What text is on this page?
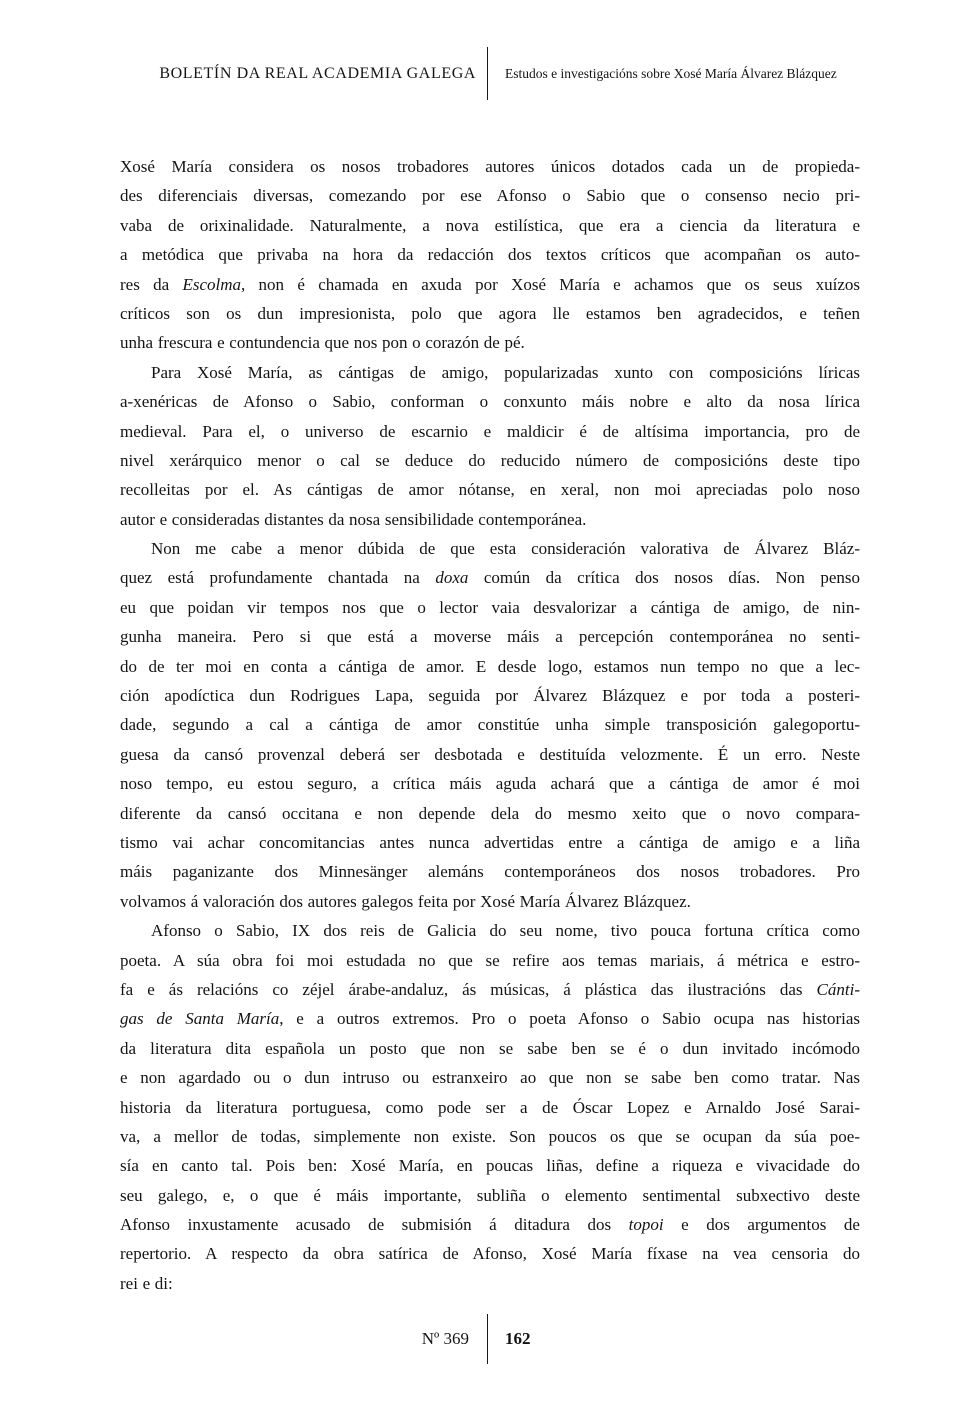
BOLETÍN DA REAL ACADEMIA GALEGA	Estudos e investigacións sobre Xosé María Álvarez Blázquez
Xosé María considera os nosos trobadores autores únicos dotados cada un de propieda-
des diferenciais diversas, comezando por ese Afonso o Sabio que o consenso necio pri-
vaba de orixinalidade. Naturalmente, a nova estilística, que era a ciencia da literatura e
a metódica que privaba na hora da redacción dos textos críticos que acompañan os auto-
res da Escolma, non é chamada en axuda por Xosé María e achamos que os seus xuízos
críticos son os dun impresionista, polo que agora lle estamos ben agradecidos, e teñen
unha frescura e contundencia que nos pon o corazón de pé.
Para Xosé María, as cántigas de amigo, popularizadas xunto con composicións líricas
a-xenéricas de Afonso o Sabio, conforman o conxunto máis nobre e alto da nosa lírica
medieval. Para el, o universo de escarnio e maldicir é de altísima importancia, pro de
nivel xerárquico menor o cal se deduce do reducido número de composicións deste tipo
recolleitas por el. As cántigas de amor nótanse, en xeral, non moi apreciadas polo noso
autor e consideradas distantes da nosa sensibilidade contemporánea.
Non me cabe a menor dúbida de que esta consideración valorativa de Álvarez Bláz-
quez está profundamente chantada na doxa común da crítica dos nosos días. Non penso
eu que poidan vir tempos nos que o lector vaia desvalorizar a cántiga de amigo, de nin-
gunha maneira. Pero si que está a moverse máis a percepción contemporánea no senti-
do de ter moi en conta a cántiga de amor. E desde logo, estamos nun tempo no que a lec-
ción apodíctica dun Rodrigues Lapa, seguida por Álvarez Blázquez e por toda a posteri-
dade, segundo a cal a cántiga de amor constitúe unha simple transposición galegoportu-
guesa da cansó provenzal deberá ser desbotada e destituída velozmente. É un erro. Neste
noso tempo, eu estou seguro, a crítica máis aguda achará que a cántiga de amor é moi
diferente da cansó occitana e non depende dela do mesmo xeito que o novo compara-
tismo vai achar concomitancias antes nunca advertidas entre a cántiga de amigo e a liña
máis paganizante dos Minnesänger alemáns contemporáneos dos nosos trobadores. Pro
volvamos á valoración dos autores galegos feita por Xosé María Álvarez Blázquez.
Afonso o Sabio, IX dos reis de Galicia do seu nome, tivo pouca fortuna crítica como
poeta. A súa obra foi moi estudada no que se refire aos temas mariais, á métrica e estro-
fa e ás relacións co zéjel árabe-andaluz, ás músicas, á plástica das ilustracións das Cánti-
gas de Santa María, e a outros extremos. Pro o poeta Afonso o Sabio ocupa nas historias
da literatura dita española un posto que non se sabe ben se é o dun invitado incómodo
e non agardado ou o dun intruso ou estranxeiro ao que non se sabe ben como tratar. Nas
historia da literatura portuguesa, como pode ser a de Óscar Lopez e Arnaldo José Sarai-
va, a mellor de todas, simplemente non existe. Son poucos os que se ocupan da súa poe-
sía en canto tal. Pois ben: Xosé María, en poucas liñas, define a riqueza e vivacidade do
seu galego, e, o que é máis importante, subliña o elemento sentimental subxectivo deste
Afonso inxustamente acusado de submisión á ditadura dos topoi e dos argumentos de
repertorio. A respecto da obra satírica de Afonso, Xosé María fíxase na vea censoria do
rei e di:
Nº 369	162
